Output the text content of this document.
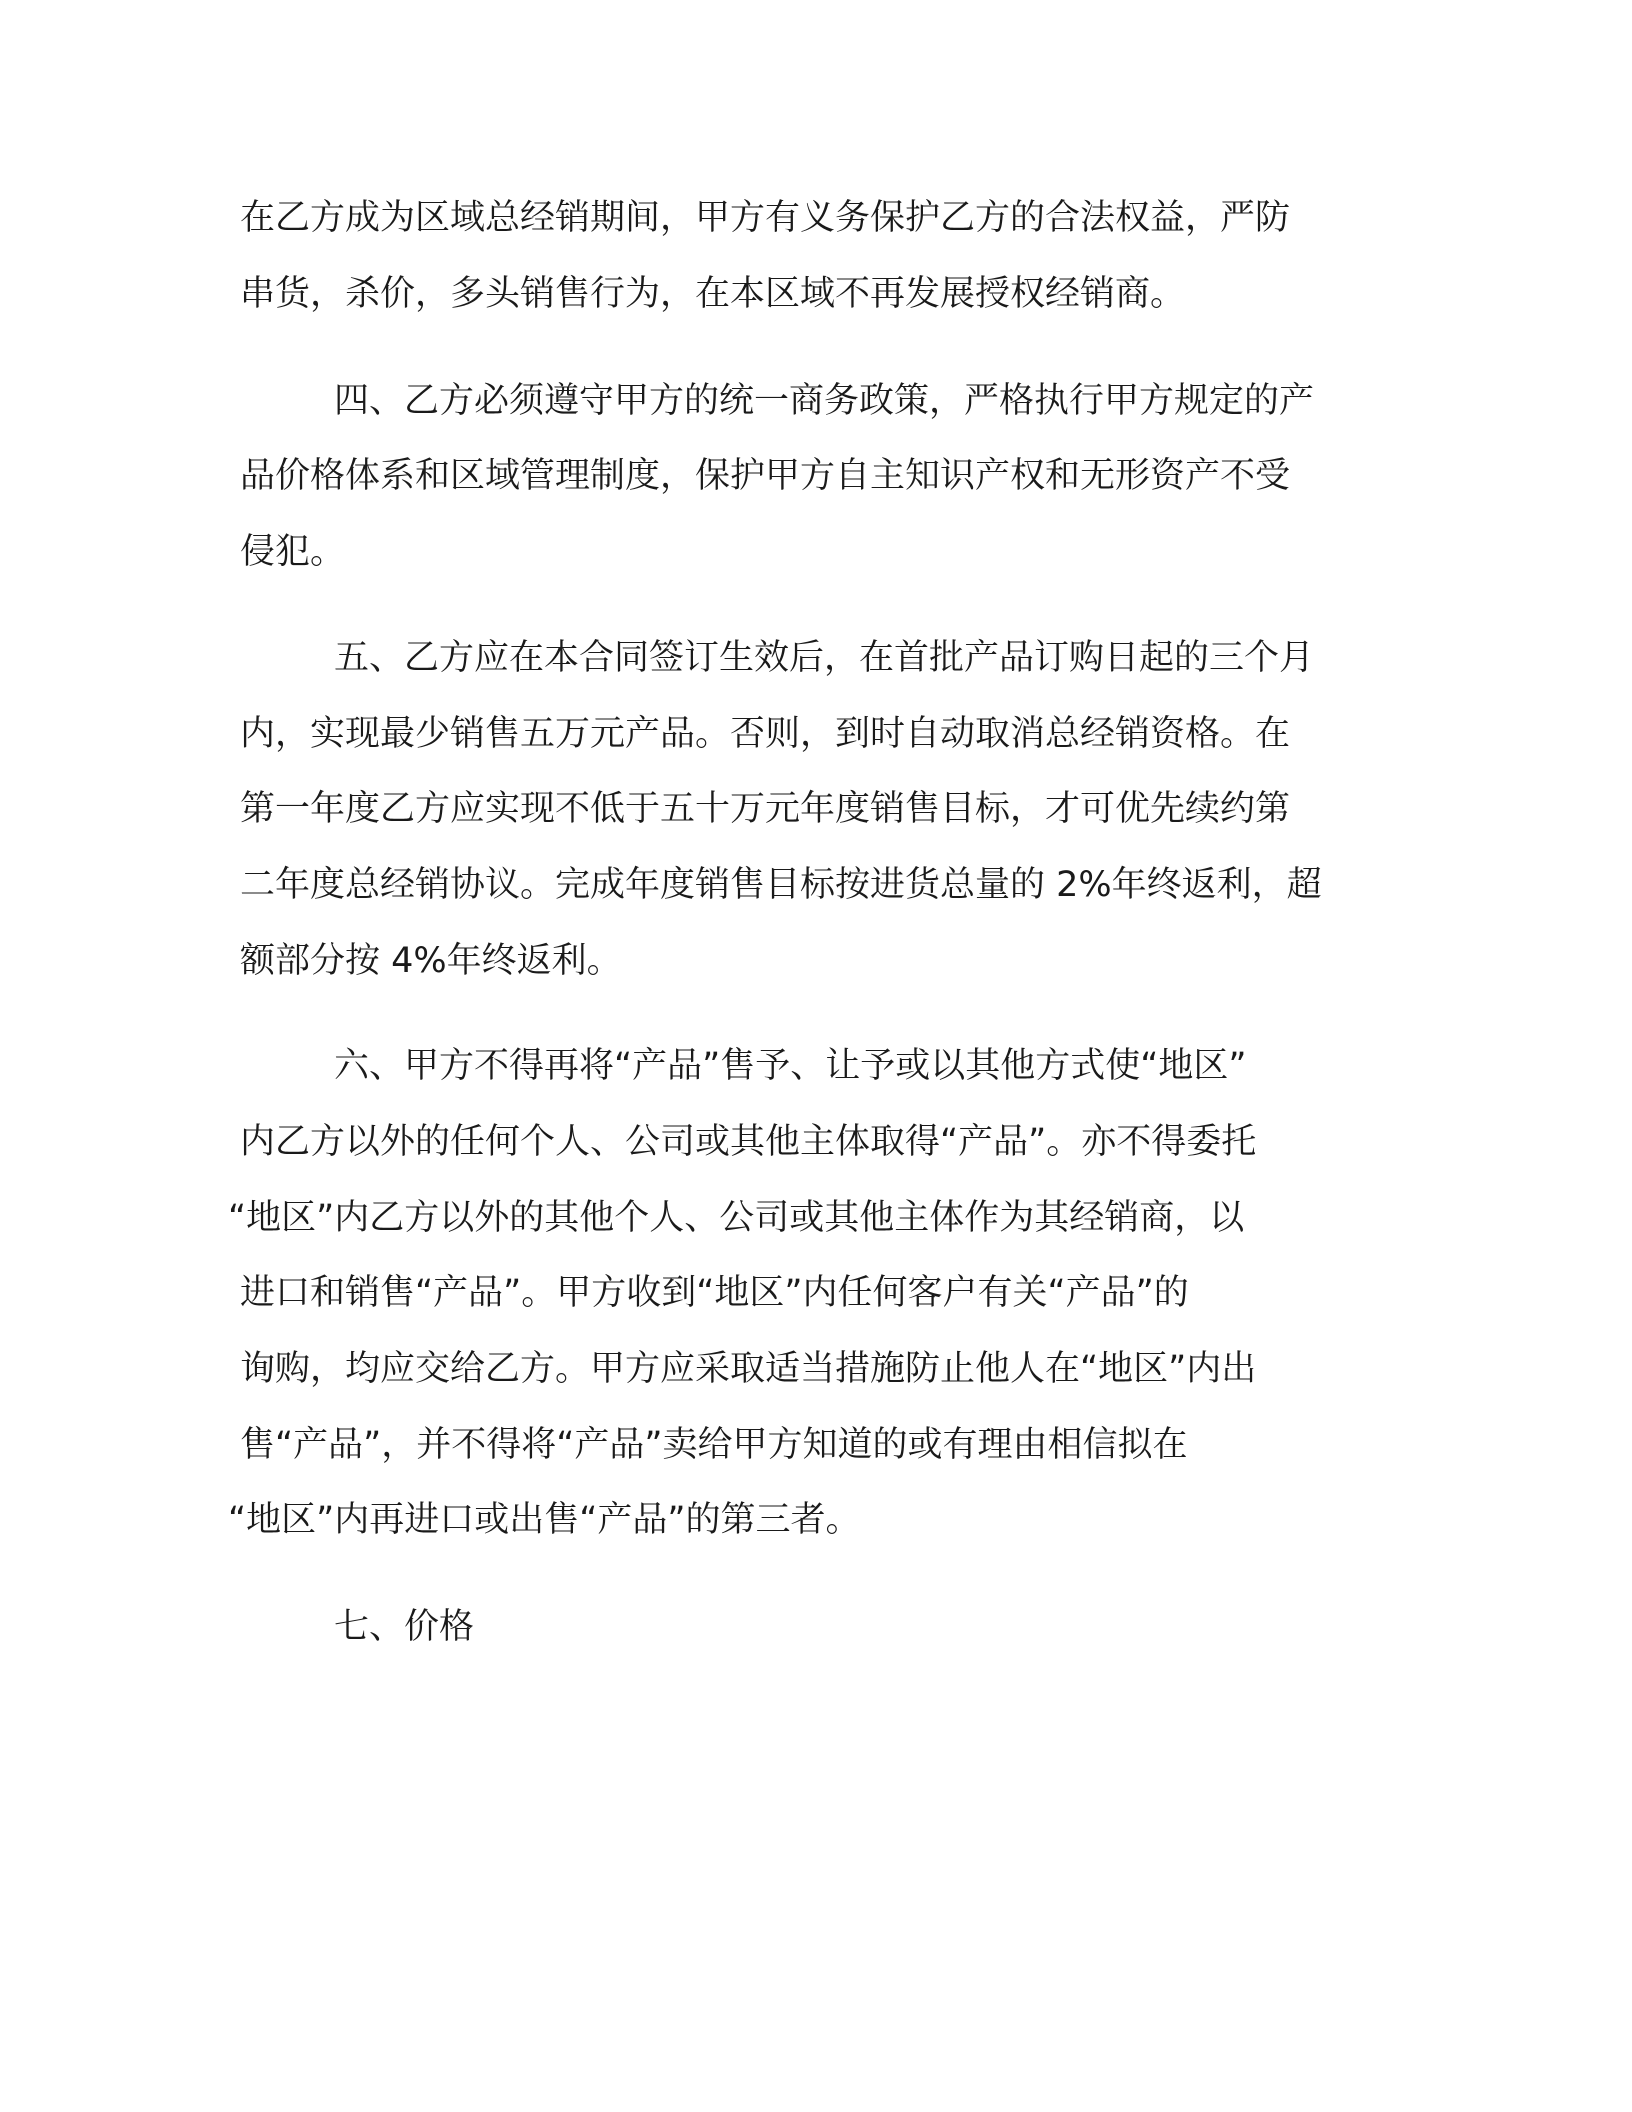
在乙方成为区域总经销期间，甲方有义务保护乙方的合法权益，严防
串货，杀价，多头销售行为，在本区域不再发展授权经销商。
四、乙方必须遵守甲方的统一商务政策，严格执行甲方规定的产
品价格体系和区域管理制度，保护甲方自主知识产权和无形资产不受
侵犯。
五、乙方应在本合同签订生效后，在首批产品订购日起的三个月
内，实现最少销售五万元产品。否则，到时自动取消总经销资格。在
第一年度乙方应实现不低于五十万元年度销售目标，才可优先续约第
二年度总经销协议。完成年度销售目标按进货总量的 2%年终返利，超
额部分按 4%年终返利。
六、甲方不得再将“产品”售予、让予或以其他方式使“地区”
内乙方以外的任何个人、公司或其他主体取得“产品”。亦不得委托
“地区”内乙方以外的其他个人、公司或其他主体作为其经销商，以
进口和销售“产品”。甲方收到“地区”内任何客户有关“产品”的
询购，均应交给乙方。甲方应采取适当措施防止他人在“地区”内出
售“产品”，并不得将“产品”卖给甲方知道的或有理由相信拟在
“地区”内再进口或出售“产品”的第三者。
七、价格
